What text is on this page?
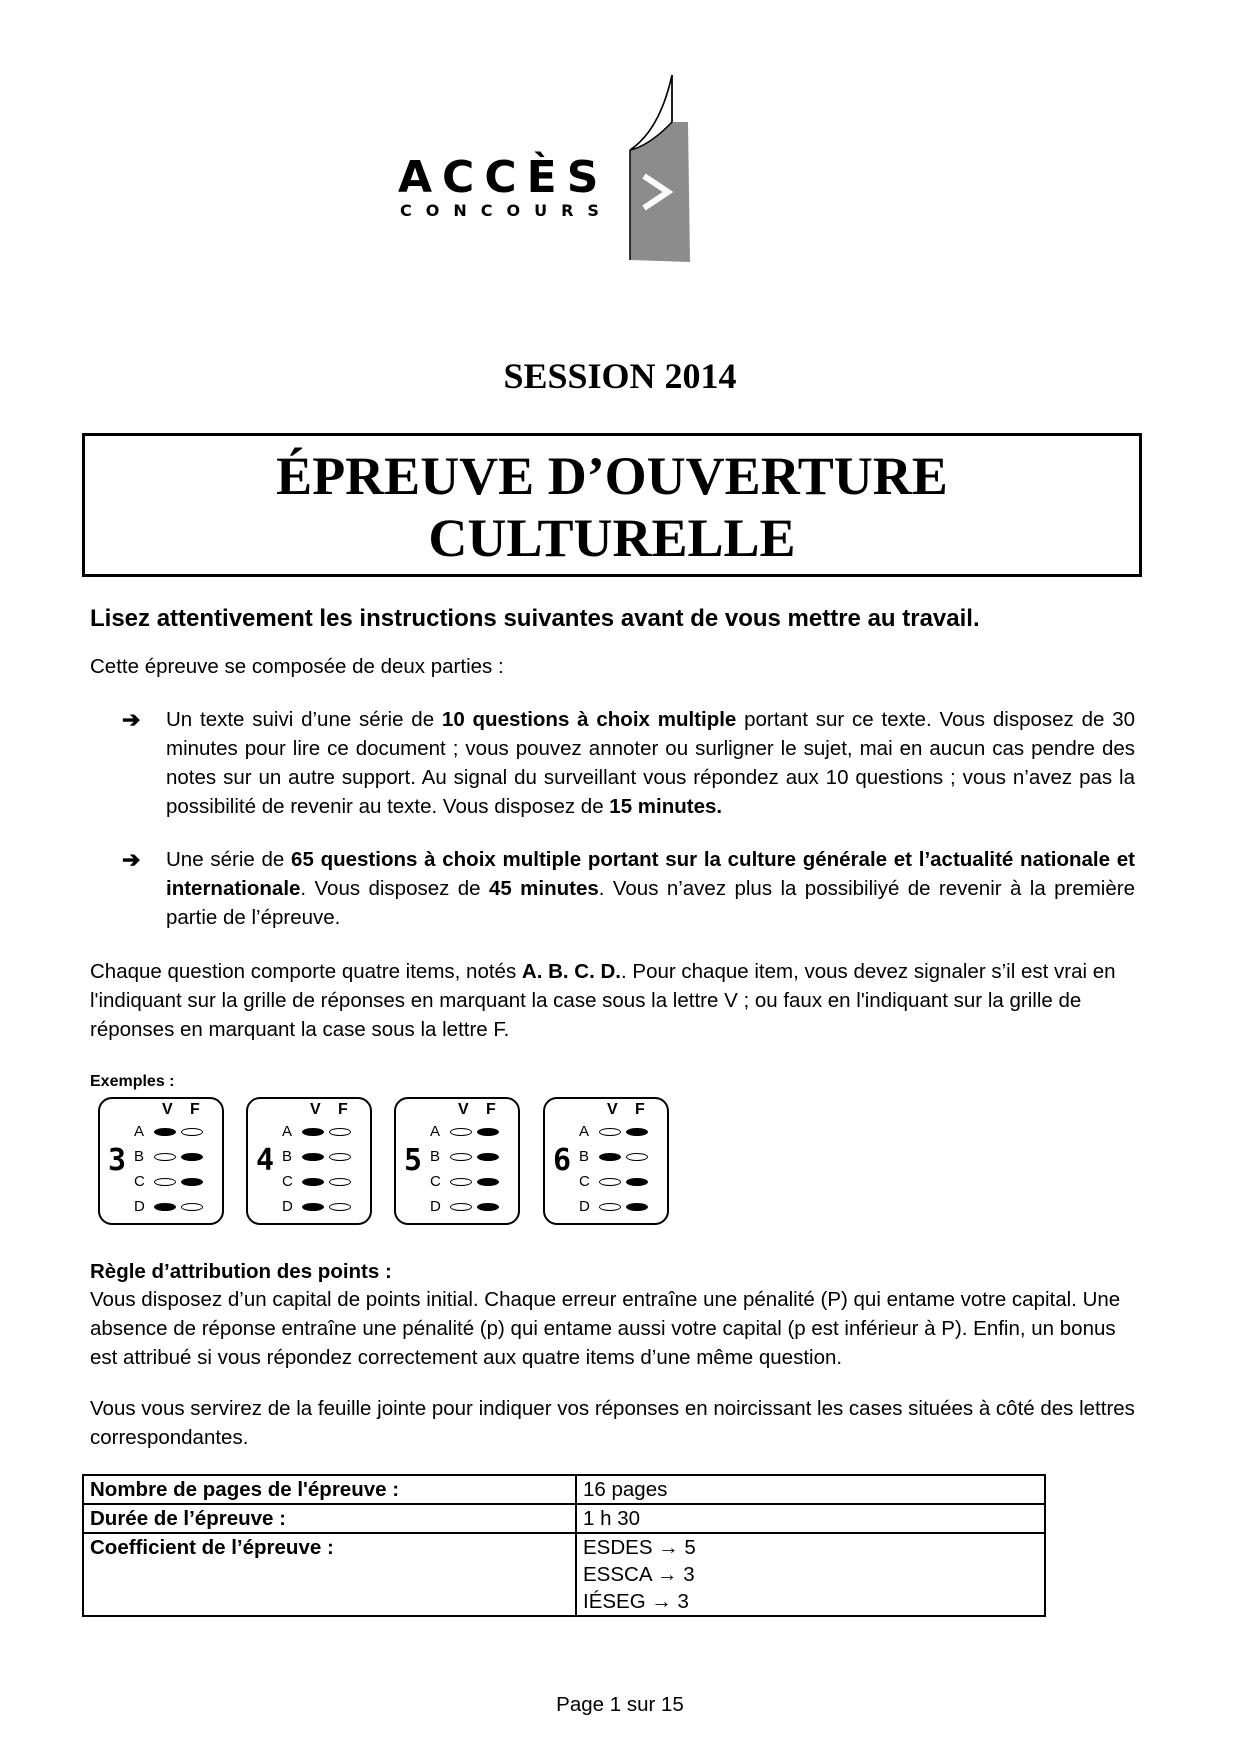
ACCÈS
CONCOURS
SESSION 2014
ÉPREUVE D’OUVERTURE
CULTURELLE

Lisez attentivement les instructions suivantes avant de vous mettre au travail.

Cette épreuve se composée de deux parties :

➔ Un texte suivi d’une série de 10 questions à choix multiple portant sur ce texte. Vous disposez de 30 minutes pour lire ce document ; vous pouvez annoter ou surligner le sujet, mai en aucun cas pendre des notes sur un autre support. Au signal du surveillant vous répondez aux 10 questions ; vous n’avez pas la possibilité de revenir au texte. Vous disposez de 15 minutes.

➔ Une série de 65 questions à choix multiple portant sur la culture générale et l’actualité nationale et internationale. Vous disposez de 45 minutes. Vous n’avez plus la possibiliyé de revenir à la première partie de l’épreuve.

Chaque question comporte quatre items, notés A. B. C. D.. Pour chaque item, vous devez signaler s’il est vrai en l'indiquant sur la grille de réponses en marquant la case sous la lettre V ; ou faux en l'indiquant sur la grille de réponses en marquant la case sous la lettre F.

Exemples :

3
V F
A
B
C
D
4
V F
A
B
C
D
5
V F
A
B
C
D
6
V F
A
B
C
D

Règle d’attribution des points :

Vous disposez d’un capital de points initial. Chaque erreur entraîne une pénalité (P) qui entame votre capital. Une absence de réponse entraîne une pénalité (p) qui entame aussi votre capital (p est inférieur à P). Enfin, un bonus est attribué si vous répondez correctement aux quatre items d’une même question.

Vous vous servirez de la feuille jointe pour indiquer vos réponses en noircissant les cases situées à côté des lettres correspondantes.

Nombre de pages de l'épreuve :	16 pages
Durée de l’épreuve :	1 h 30
Coefficient de l’épreuve :	ESDES → 5
ESSCA → 3
IÉSEG → 3
Page 1 sur 15
